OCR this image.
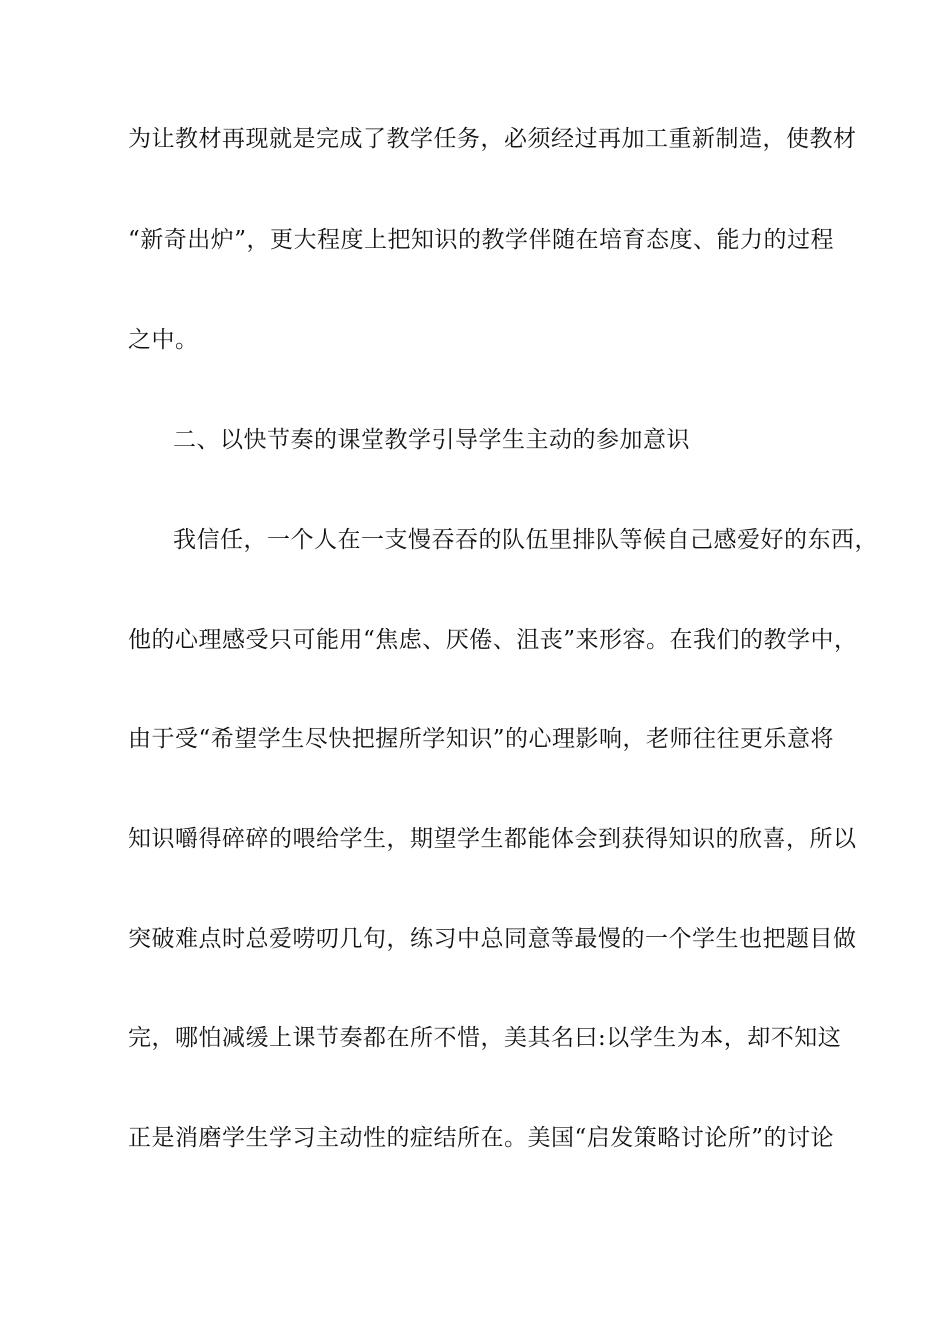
为让教材再现就是完成了教学任务，必须经过再加工重新制造，使教材
“新奇出炉”，更大程度上把知识的教学伴随在培育态度、能力的过程
之中。
二、以快节奏的课堂教学引导学生主动的参加意识
我信任，一个人在一支慢吞吞的队伍里排队等候自己感爱好的东西，
他的心理感受只可能用“焦虑、厌倦、沮丧”来形容。在我们的教学中，
由于受“希望学生尽快把握所学知识”的心理影响，老师往往更乐意将
知识嚼得碎碎的喂给学生，期望学生都能体会到获得知识的欣喜，所以
突破难点时总爱唠叨几句，练习中总同意等最慢的一个学生也把题目做
完，哪怕减缓上课节奏都在所不惜，美其名曰:以学生为本，却不知这
正是消磨学生学习主动性的症结所在。美国“启发策略讨论所”的讨论
